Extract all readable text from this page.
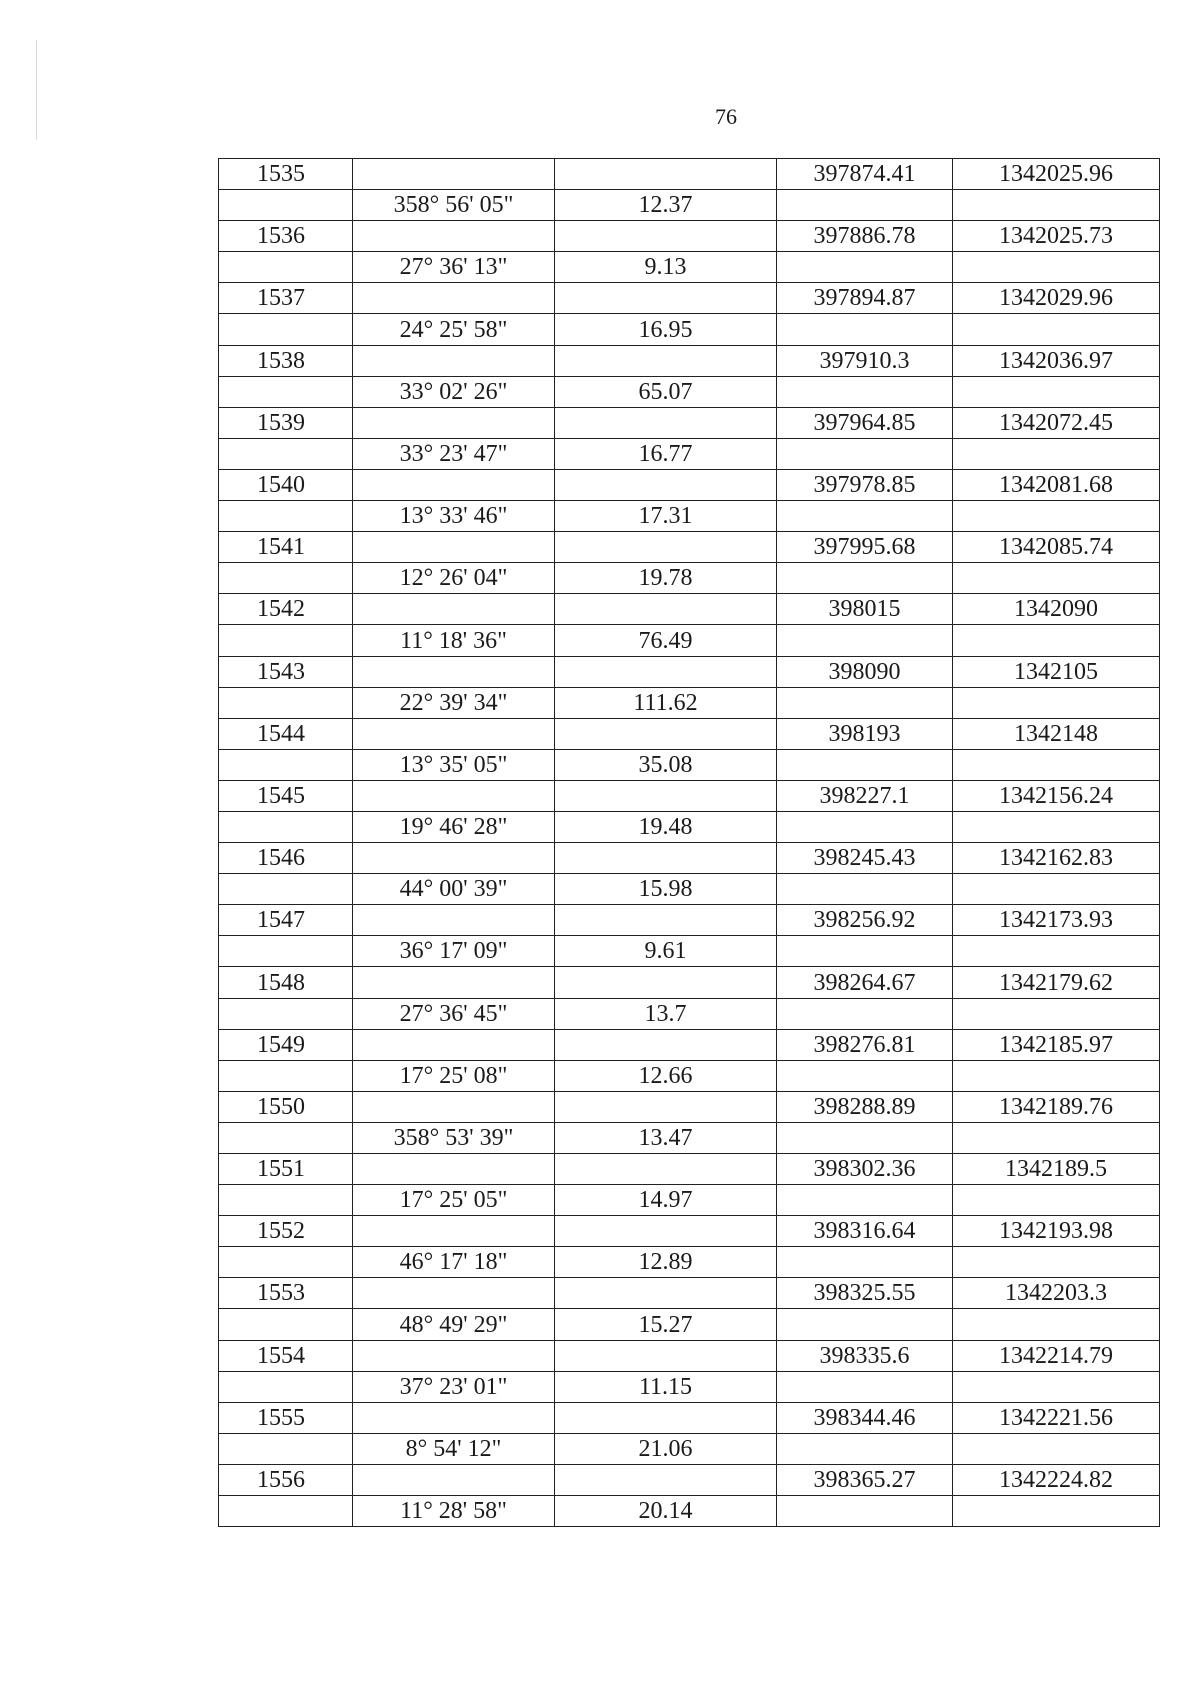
76
1535			397874.41	1342025.96
	358° 56' 05"	12.37		
1536			397886.78	1342025.73
	27° 36' 13"	9.13		
1537			397894.87	1342029.96
	24° 25' 58"	16.95		
1538			397910.3	1342036.97
	33° 02' 26"	65.07		
1539			397964.85	1342072.45
	33° 23' 47"	16.77		
1540			397978.85	1342081.68
	13° 33' 46"	17.31		
1541			397995.68	1342085.74
	12° 26' 04"	19.78		
1542			398015	1342090
	11° 18' 36"	76.49		
1543			398090	1342105
	22° 39' 34"	111.62		
1544			398193	1342148
	13° 35' 05"	35.08		
1545			398227.1	1342156.24
	19° 46' 28"	19.48		
1546			398245.43	1342162.83
	44° 00' 39"	15.98		
1547			398256.92	1342173.93
	36° 17' 09"	9.61		
1548			398264.67	1342179.62
	27° 36' 45"	13.7		
1549			398276.81	1342185.97
	17° 25' 08"	12.66		
1550			398288.89	1342189.76
	358° 53' 39"	13.47		
1551			398302.36	1342189.5
	17° 25' 05"	14.97		
1552			398316.64	1342193.98
	46° 17' 18"	12.89		
1553			398325.55	1342203.3
	48° 49' 29"	15.27		
1554			398335.6	1342214.79
	37° 23' 01"	11.15		
1555			398344.46	1342221.56
	8° 54' 12"	21.06		
1556			398365.27	1342224.82
	11° 28' 58"	20.14		
